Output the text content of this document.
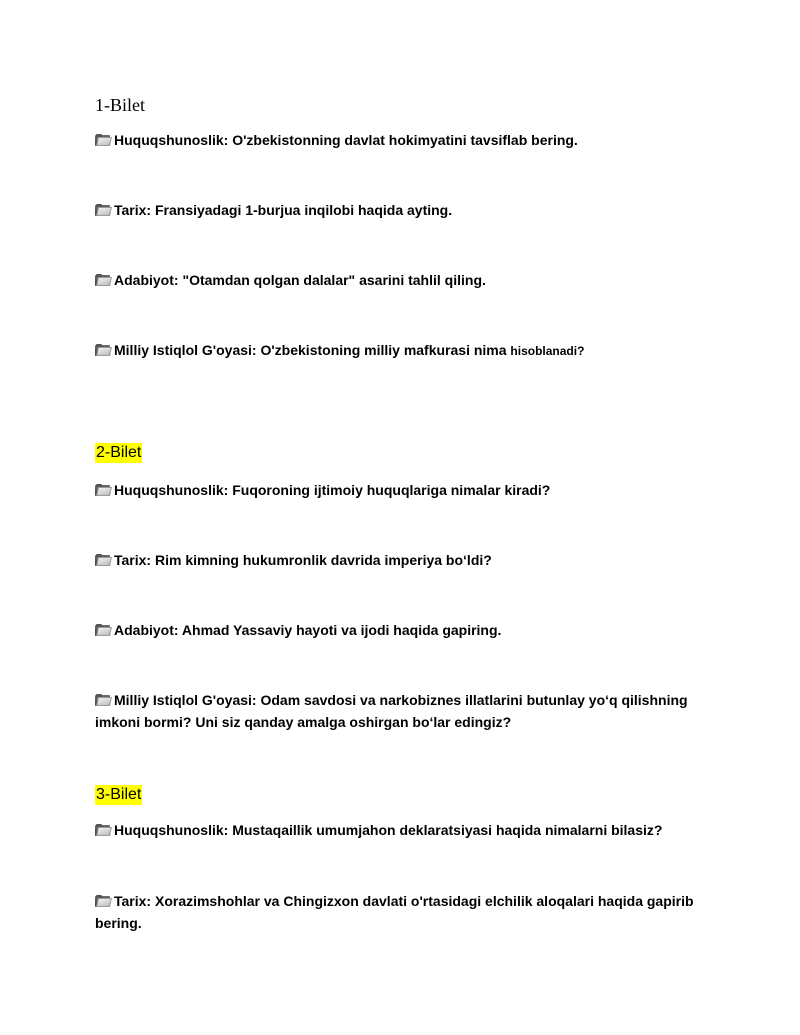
1-Bilet
Huquqshunoslik: O'zbekistonning davlat hokimyatini tavsiflab bering.
Tarix: Fransiyadagi 1-burjua inqilobi haqida ayting.
Adabiyot: "Otamdan qolgan dalalar" asarini tahlil qiling.
Milliy Istiqlol G'oyasi: O'zbekistoning milliy mafkurasi nima hisoblanadi?
2-Bilet
Huquqshunoslik: Fuqoroning ijtimoiy huquqlariga nimalar kiradi?
Tarix: Rim kimning hukumronlik davrida imperiya bo‘ldi?
Adabiyot: Ahmad Yassaviy hayoti va ijodi haqida gapiring.
Milliy Istiqlol G'oyasi: Odam savdosi va narkobiznes illatlarini butunlay yo‘q qilishning imkoni bormi? Uni siz qanday amalga oshirgan bo‘lar edingiz?
3-Bilet
Huquqshunoslik: Mustaqaillik umumjahon deklaratsiyasi haqida nimalarni bilasiz?
Tarix: Xorazimshohlar va Chingizxon davlati o'rtasidagi elchilik aloqalari haqida gapirib bering.
